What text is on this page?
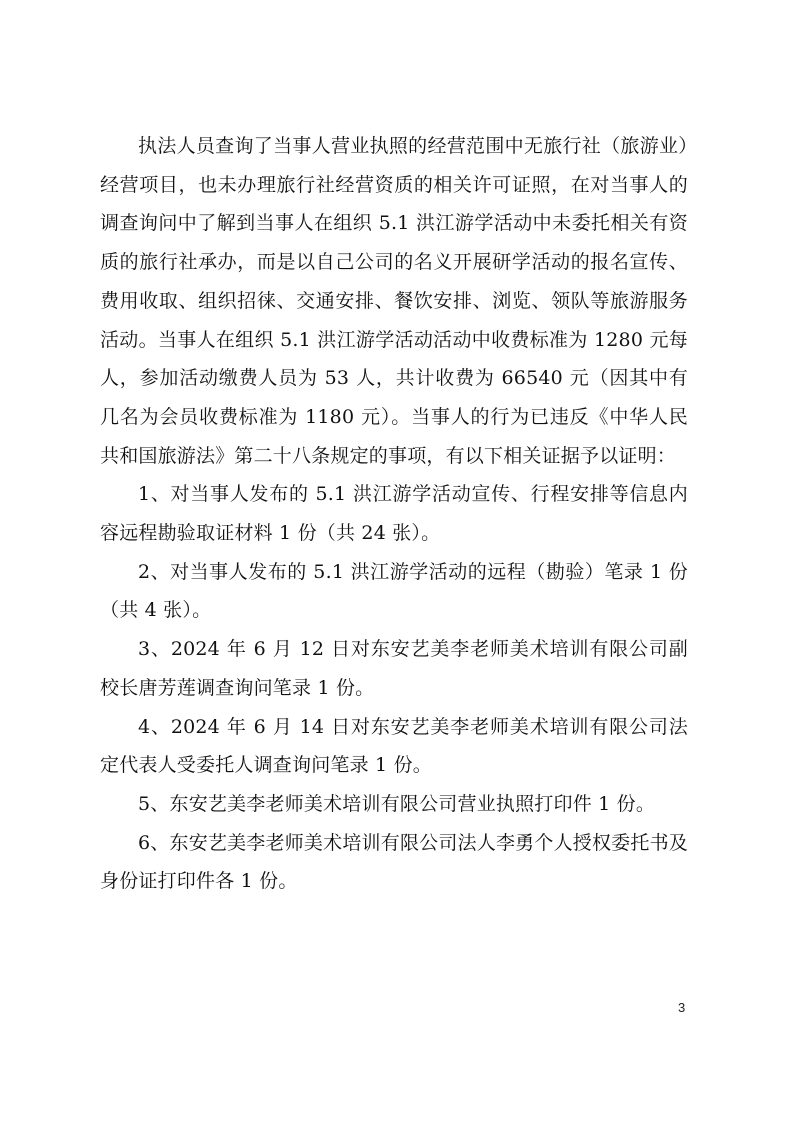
执法人员查询了当事人营业执照的经营范围中无旅行社（旅游业）经营项目，也未办理旅行社经营资质的相关许可证照，在对当事人的调查询问中了解到当事人在组织 5.1 洪江游学活动中未委托相关有资质的旅行社承办，而是以自己公司的名义开展研学活动的报名宣传、费用收取、组织招徕、交通安排、餐饮安排、浏览、领队等旅游服务活动。当事人在组织 5.1 洪江游学活动活动中收费标准为 1280 元每人，参加活动缴费人员为 53 人，共计收费为 66540 元（因其中有几名为会员收费标准为 1180 元）。当事人的行为已违反《中华人民共和国旅游法》第二十八条规定的事项，有以下相关证据予以证明：

1、对当事人发布的 5.1 洪江游学活动宣传、行程安排等信息内容远程勘验取证材料 1 份（共 24 张）。

2、对当事人发布的 5.1 洪江游学活动的远程（勘验）笔录 1 份（共 4 张）。

3、2024 年 6 月 12 日对东安艺美李老师美术培训有限公司副校长唐芳莲调查询问笔录 1 份。

4、2024 年 6 月 14 日对东安艺美李老师美术培训有限公司法定代表人受委托人调查询问笔录 1 份。

5、东安艺美李老师美术培训有限公司营业执照打印件 1 份。

6、东安艺美李老师美术培训有限公司法人李勇个人授权委托书及身份证打印件各 1 份。

3
